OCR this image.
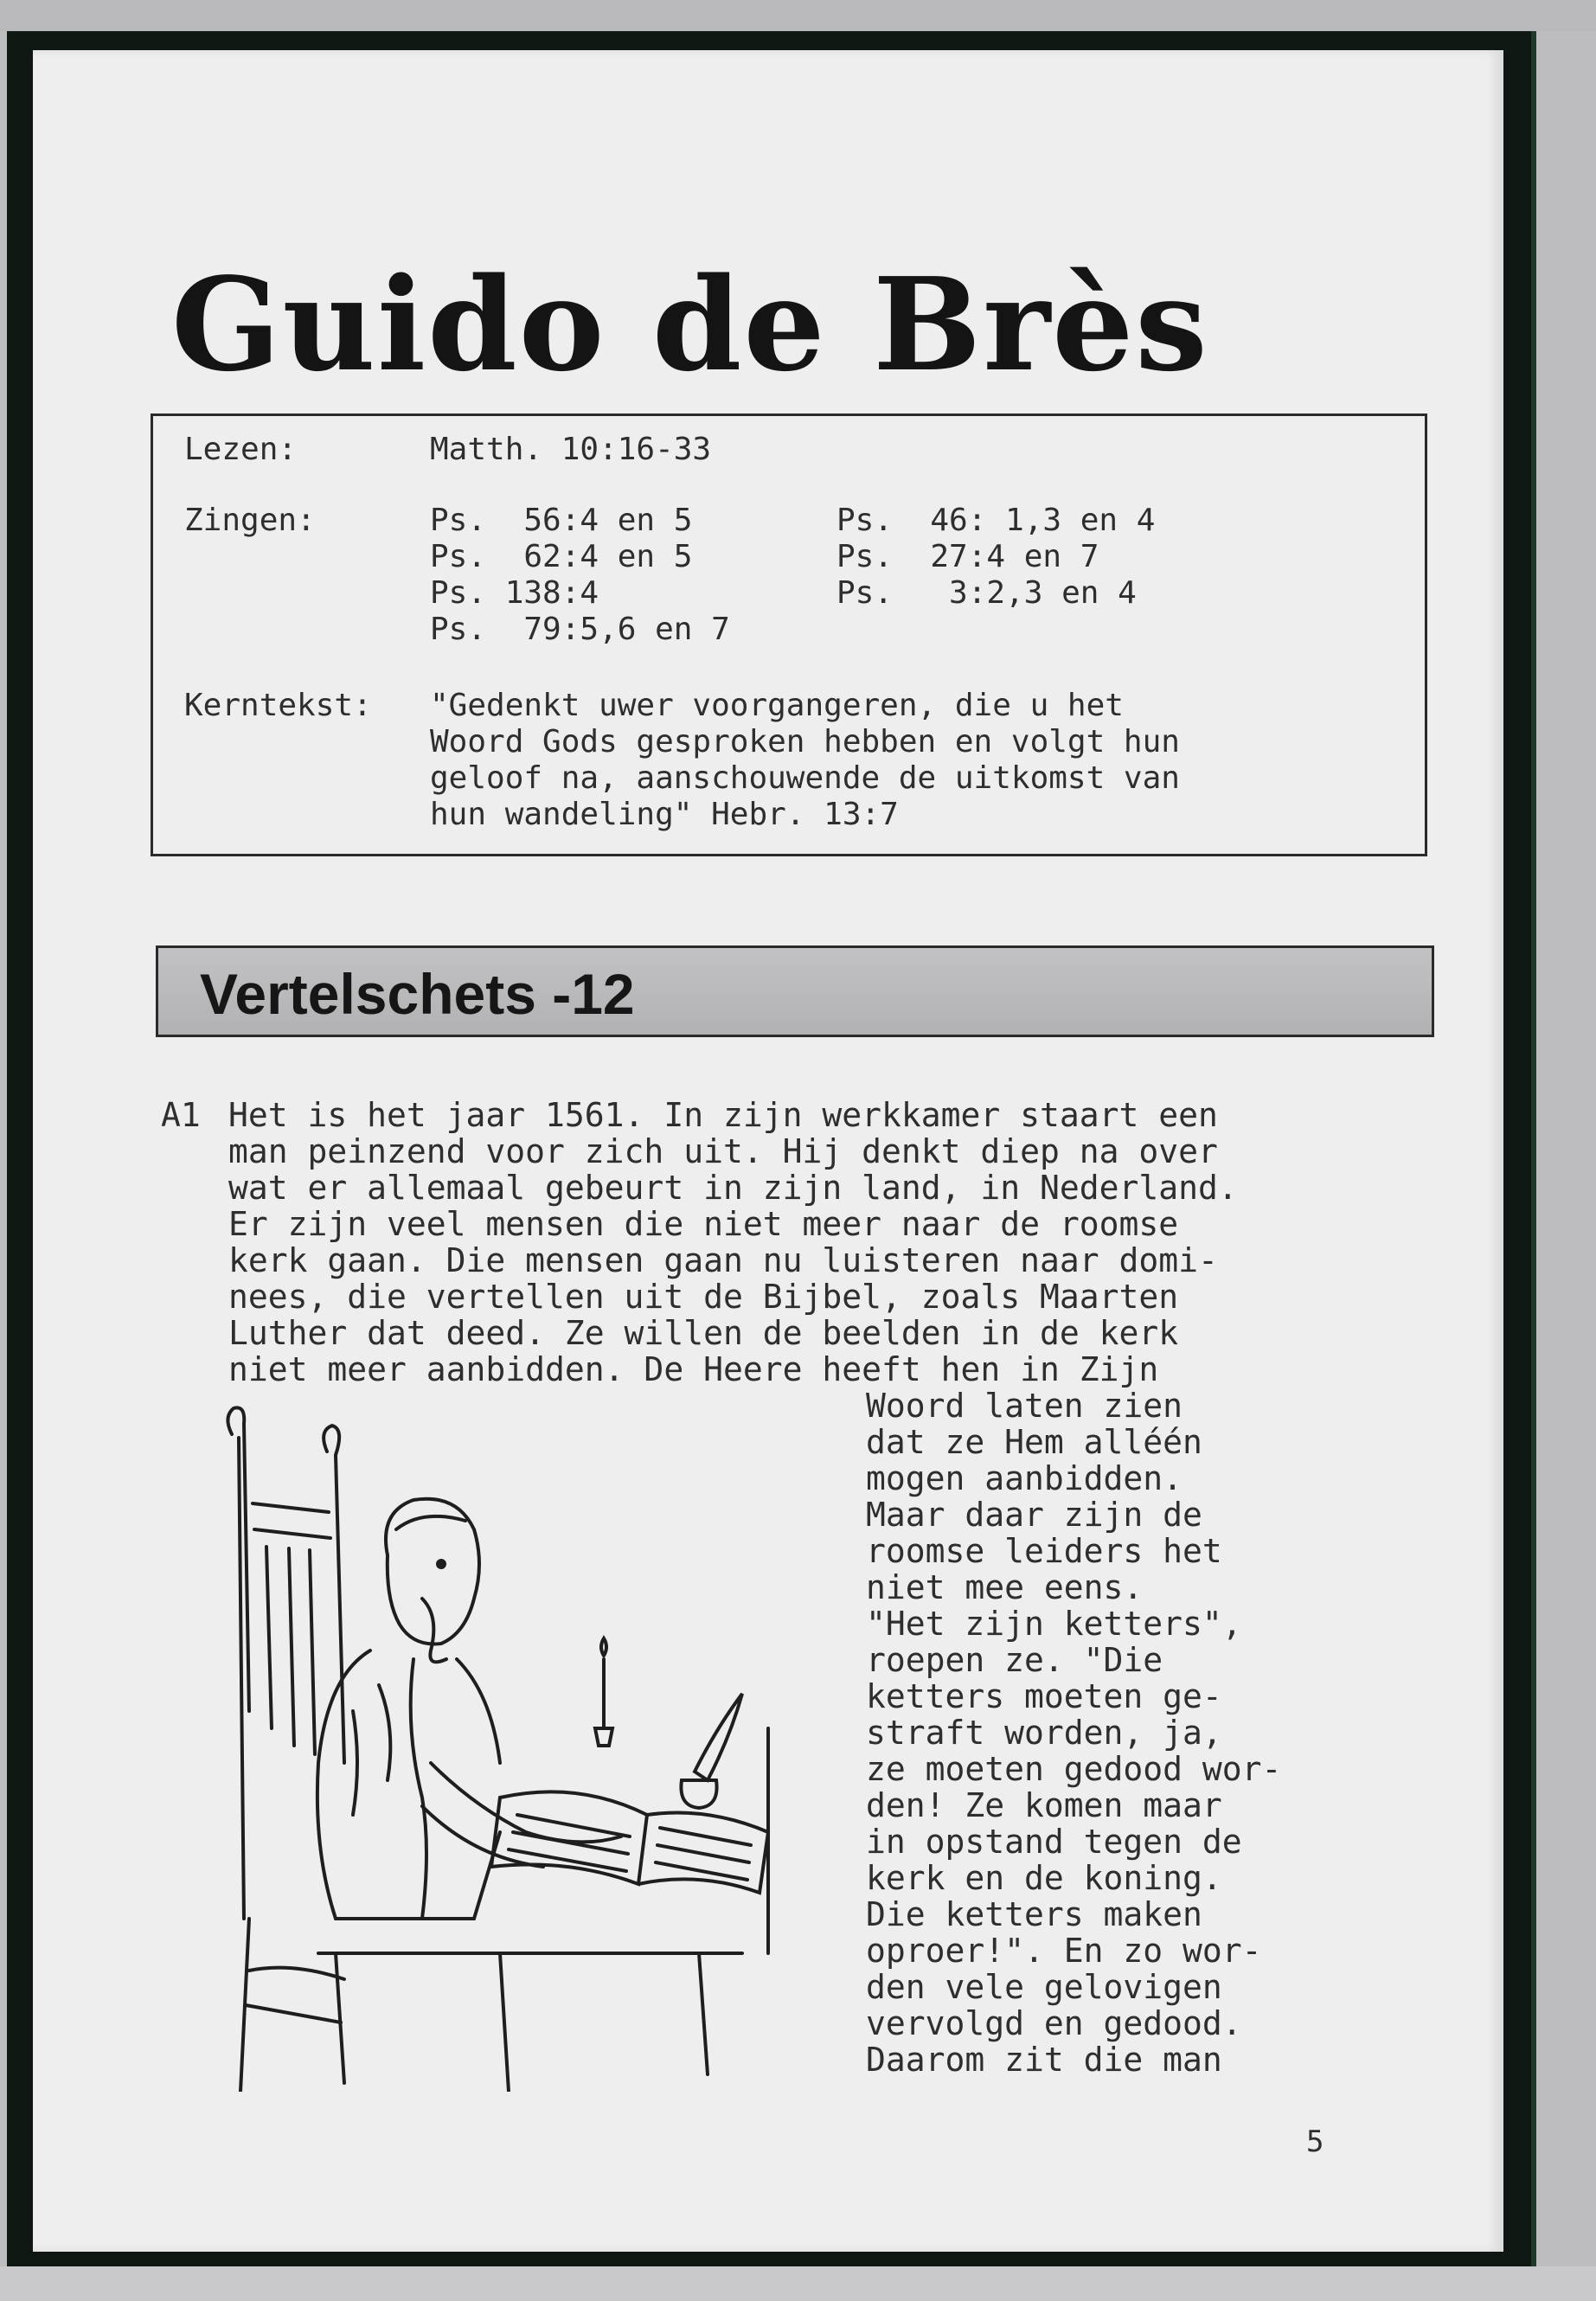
Guido de Brès
Lezen:	Matth. 10:16-33
Zingen:	Ps.  56:4 en 5
Ps.  62:4 en 5
Ps. 138:4
Ps.  79:5,6 en 7
Ps.  46: 1,3 en 4
Ps.  27:4 en 7
Ps.   3:2,3 en 4
Kerntekst: "Gedenkt uwer voorgangeren, die u het
Woord Gods gesproken hebben en volgt hun
geloof na, aanschouwende de uitkomst van
hun wandeling" Hebr. 13:7
Vertelschets -12
A1 Het is het jaar 1561. In zijn werkkamer staart een
man peinzend voor zich uit. Hij denkt diep na over
wat er allemaal gebeurt in zijn land, in Nederland.
Er zijn veel mensen die niet meer naar de roomse
kerk gaan. Die mensen gaan nu luisteren naar domi-
nees, die vertellen uit de Bijbel, zoals Maarten
Luther dat deed. Ze willen de beelden in de kerk
niet meer aanbidden. De Heere heeft hen in Zijn
Woord laten zien
dat ze Hem alléén
mogen aanbidden.
Maar daar zijn de
roomse leiders het
niet mee eens.
"Het zijn ketters",
roepen ze. "Die
ketters moeten ge-
straft worden, ja,
ze moeten gedood wor-
den! Ze komen maar
in opstand tegen de
kerk en de koning.
Die ketters maken
oproer!". En zo wor-
den vele gelovigen
vervolgd en gedood.
Daarom zit die man
5
